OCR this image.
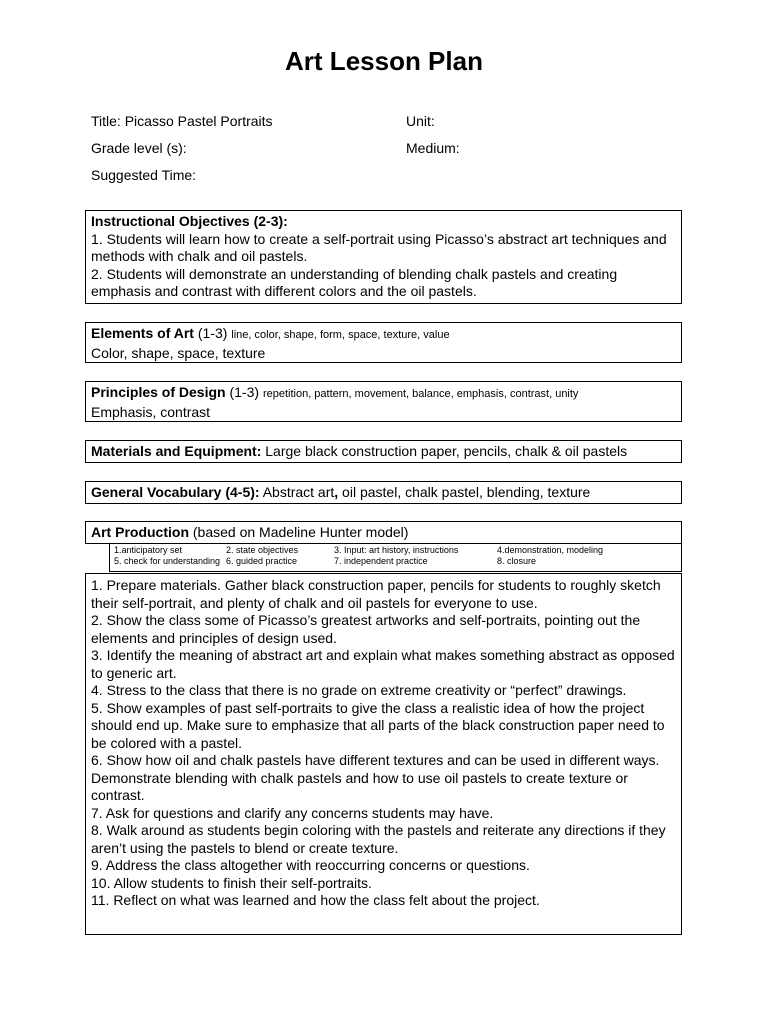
Art Lesson Plan
Title: Picasso Pastel Portraits	Unit:
Grade level (s):	Medium:
Suggested Time:
Instructional Objectives (2-3):
1. Students will learn how to create a self-portrait using Picasso’s abstract art techniques and methods with chalk and oil pastels.
2. Students will demonstrate an understanding of blending chalk pastels and creating emphasis and contrast with different colors and the oil pastels.
Elements of Art (1-3) line, color, shape, form, space, texture, value
Color, shape, space, texture
Principles of Design (1-3) repetition, pattern, movement, balance, emphasis, contrast, unity
Emphasis, contrast
Materials and Equipment: Large black construction paper, pencils, chalk & oil pastels
General Vocabulary (4-5): Abstract art, oil pastel, chalk pastel, blending, texture
Art Production (based on Madeline Hunter model)
1.anticipatory set	2. state objectives	3. Input: art history, instructions	4.demonstration, modeling
5. check for understanding 6. guided practice	7. independent practice	8. closure

1. Prepare materials. Gather black construction paper, pencils for students to roughly sketch their self-portrait, and plenty of chalk and oil pastels for everyone to use.

2. Show the class some of Picasso’s greatest artworks and self-portraits, pointing out the elements and principles of design used.

3. Identify the meaning of abstract art and explain what makes something abstract as opposed to generic art.

4. Stress to the class that there is no grade on extreme creativity or “perfect” drawings.

5. Show examples of past self-portraits to give the class a realistic idea of how the project should end up. Make sure to emphasize that all parts of the black construction paper need to be colored with a pastel.

6. Show how oil and chalk pastels have different textures and can be used in different ways. Demonstrate blending with chalk pastels and how to use oil pastels to create texture or contrast.

7. Ask for questions and clarify any concerns students may have.

8. Walk around as students begin coloring with the pastels and reiterate any directions if they aren’t using the pastels to blend or create texture.

9. Address the class altogether with reoccurring concerns or questions.

10. Allow students to finish their self-portraits.

11. Reflect on what was learned and how the class felt about the project.
